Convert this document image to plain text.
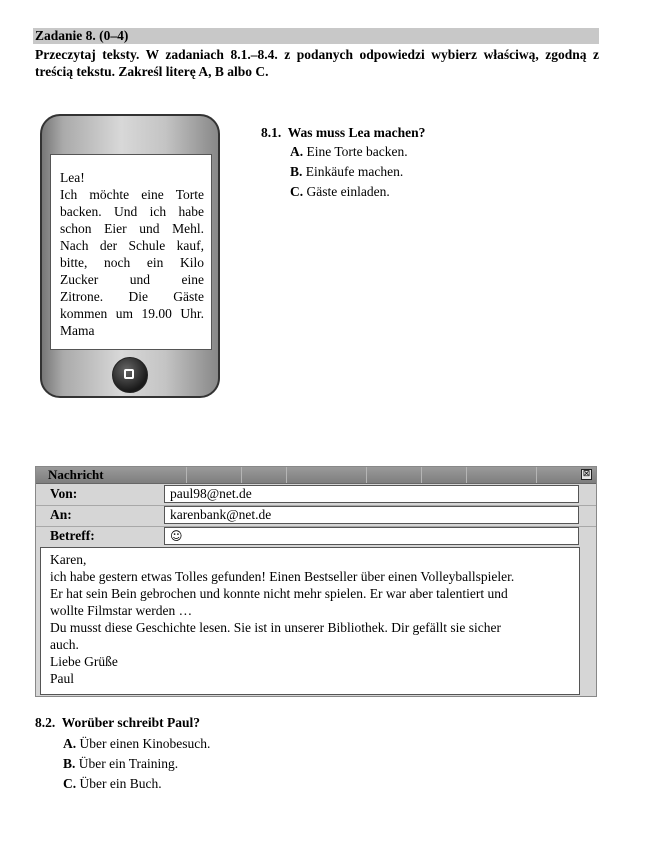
Zadanie 8. (0–4)
Przeczytaj teksty. W zadaniach 8.1.–8.4. z podanych odpowiedzi wybierz właściwą, zgodną z treścią tekstu. Zakreśl literę A, B albo C.
Lea!
Ich möchte eine Torte
backen. Und ich habe
schon Eier und Mehl.
Nach der Schule kauf,
bitte, noch ein Kilo
Zucker und eine
Zitrone. Die Gäste
kommen um 19.00 Uhr.
Mama
8.1. Was muss Lea machen?
A. Eine Torte backen.
B. Einkäufe machen.
C. Gäste einladen.
Nachricht	⊠
Von:	paul98@net.de
An:	karenbank@net.de
Betreff:	☺
Karen,
ich habe gestern etwas Tolles gefunden! Einen Bestseller über einen Volleyballspieler.
Er hat sein Bein gebrochen und konnte nicht mehr spielen. Er war aber talentiert und
wollte Filmstar werden …
Du musst diese Geschichte lesen. Sie ist in unserer Bibliothek. Dir gefällt sie sicher
auch.
Liebe Grüße
Paul
8.2. Worüber schreibt Paul?
A. Über einen Kinobesuch.
B. Über ein Training.
C. Über ein Buch.
